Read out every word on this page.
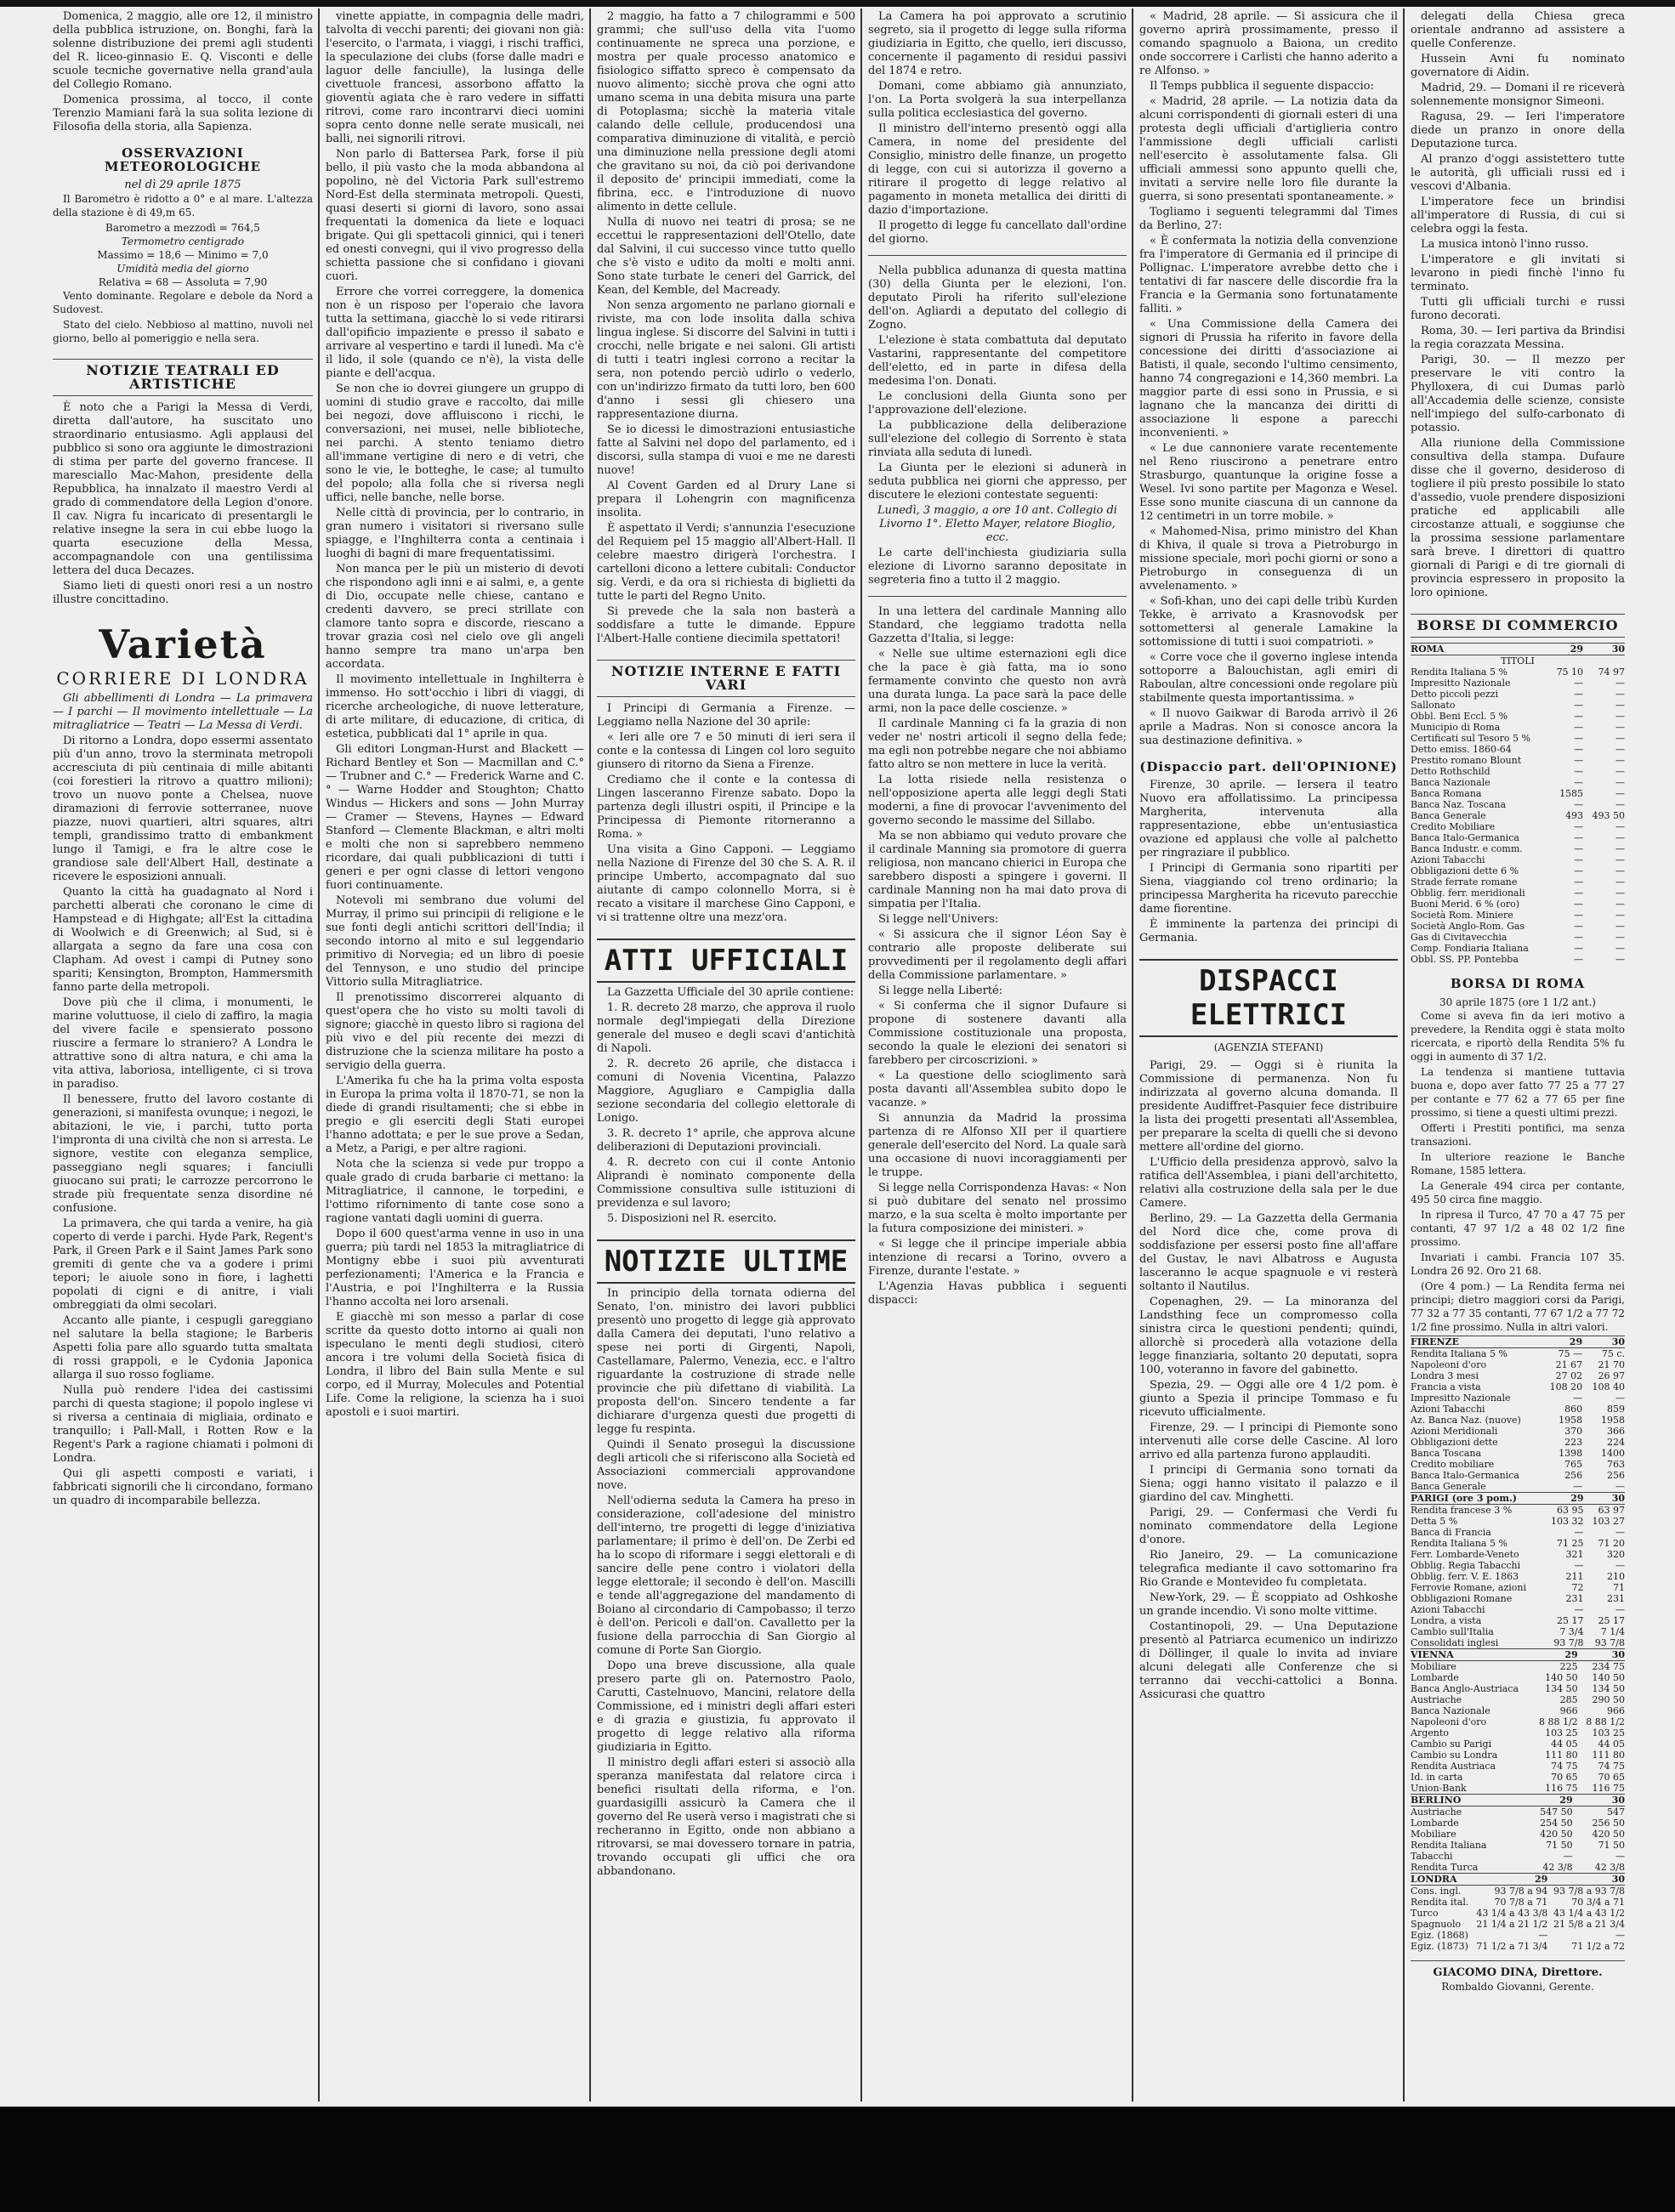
Domenica, 2 maggio, alle ore 12, il ministro della pubblica istruzione, on. Bonghi, farà la solenne distribuzione dei premi agli studenti del R. liceo-ginnasio E. Q. Visconti e delle scuole tecniche governative nella grand'aula del Collegio Romano.

Domenica prossima, al tocco, il conte Terenzio Mamiani farà la sua solita lezione di Filosofia della storia, alla Sapienza.

OSSERVAZIONI METEOROLOGICHE
nel dì 29 aprile 1875

Il Barometro è ridotto a 0° e al mare. L'altezza della stazione è di 49,m 65.

Barometro a mezzodì = 764,5
Termometro centigrado
Massimo = 18,6 — Minimo = 7,0
Umidità media del giorno
Relativa = 68 — Assoluta = 7,90

Vento dominante. Regolare e debole da Nord a Sudovest.

Stato del cielo. Nebbioso al mattino, nuvoli nel giorno, bello al pomeriggio e nella sera.

NOTIZIE TEATRALI ED ARTISTICHE

È noto che a Parigi la Messa di Verdi, diretta dall'autore, ha suscitato uno straordinario entusiasmo. Agli applausi del pubblico si sono ora aggiunte le dimostrazioni di stima per parte del governo francese. Il maresciallo Mac-Mahon, presidente della Repubblica, ha innalzato il maestro Verdi al grado di commendatore della Legion d'onore. Il cav. Nigra fu incaricato di presentargli le relative insegne la sera in cui ebbe luogo la quarta esecuzione della Messa, accompagnandole con una gentilissima lettera del duca Decazes.

Siamo lieti di questi onori resi a un nostro illustre concittadino.

Varietà
CORRIERE DI LONDRA

Gli abbellimenti di Londra — La primavera — I parchi — Il movimento intellettuale — La mitragliatrice — Teatri — La Messa di Verdi.

Di ritorno a Londra, dopo essermi assentato più d'un anno, trovo la sterminata metropoli accresciuta di più centinaia di mille abitanti (coi forestieri la ritrovo a quattro milioni); trovo un nuovo ponte a Chelsea, nuove diramazioni di ferrovie sotterranee, nuove piazze, nuovi quartieri, altri squares, altri templi, grandissimo tratto di embankment lungo il Tamigi, e fra le altre cose le grandiose sale dell'Albert Hall, destinate a ricevere le esposizioni annuali.

Quanto la città ha guadagnato al Nord i parchetti alberati che coronano le cime di Hampstead e di Highgate; all'Est la cittadina di Woolwich e di Greenwich; al Sud, si è allargata a segno da fare una cosa con Clapham. Ad ovest i campi di Putney sono spariti; Kensington, Brompton, Hammersmith fanno parte della metropoli.

Dove più che il clima, i monumenti, le marine voluttuose, il cielo di zaffiro, la magia del vivere facile e spensierato possono riuscire a fermare lo straniero? A Londra le attrattive sono di altra natura, e chi ama la vita attiva, laboriosa, intelligente, ci si trova in paradiso.

Il benessere, frutto del lavoro costante di generazioni, si manifesta ovunque; i negozi, le abitazioni, le vie, i parchi, tutto porta l'impronta di una civiltà che non si arresta. Le signore, vestite con eleganza semplice, passeggiano negli squares; i fanciulli giuocano sui prati; le carrozze percorrono le strade più frequentate senza disordine né confusione.

La primavera, che qui tarda a venire, ha già coperto di verde i parchi. Hyde Park, Regent's Park, il Green Park e il Saint James Park sono gremiti di gente che va a godere i primi tepori; le aiuole sono in fiore, i laghetti popolati di cigni e di anitre, i viali ombreggiati da olmi secolari.

Accanto alle piante, i cespugli gareggiano nel salutare la bella stagione; le Barberis Aspetti folia pare allo sguardo tutta smaltata di rossi grappoli, e le Cydonia Japonica allarga il suo rosso fogliame.

Nulla può rendere l'idea dei castissimi parchi di questa stagione; il popolo inglese vi si riversa a centinaia di migliaia, ordinato e tranquillo; i Pall-Mall, i Rotten Row e la Regent's Park a ragione chiamati i polmoni di Londra.

Qui gli aspetti composti e variati, i fabbricati signorili che li circondano, formano un quadro di incomparabile bellezza.

vinette appiatte, in compagnia delle madri, talvolta di vecchi parenti; dei giovani non già: l'esercito, o l'armata, i viaggi, i rischi traffici, la speculazione dei clubs (forse dalle madri e laguor delle fanciulle), la lusinga delle civettuole francesi, assorbono affatto la gioventù agiata che è raro vedere in siffatti ritrovi, come raro incontrarvi dieci uomini sopra cento donne nelle serate musicali, nei balli, nei signorili ritrovi.

Non parlo di Battersea Park, forse il più bello, il più vasto che la moda abbandona al popolino, nè del Victoria Park sull'estremo Nord-Est della sterminata metropoli. Questi, quasi deserti si giorni di lavoro, sono assai frequentati la domenica da liete e loquaci brigate. Qui gli spettacoli ginnici, qui i teneri ed onesti convegni, qui il vivo progresso della schietta passione che si confidano i giovani cuori.

Errore che vorrei correggere, la domenica non è un risposo per l'operaio che lavora tutta la settimana, giacchè lo si vede ritirarsi dall'opificio impaziente e presso il sabato e arrivare al vespertino e tardi il lunedì. Ma c'è il lido, il sole (quando ce n'è), la vista delle piante e dell'acqua.

Se non che io dovrei giungere un gruppo di uomini di studio grave e raccolto, dai mille bei negozi, dove affluiscono i ricchi, le conversazioni, nei musei, nelle biblioteche, nei parchi. A stento teniamo dietro all'immane vertigine di nero e di vetri, che sono le vie, le botteghe, le case; al tumulto del popolo; alla folla che si riversa negli uffici, nelle banche, nelle borse.

Nelle città di provincia, per lo contrario, in gran numero i visitatori si riversano sulle spiagge, e l'Inghilterra conta a centinaia i luoghi di bagni di mare frequentatissimi.

Non manca per le più un misterio di devoti che rispondono agli inni e ai salmi, e, a gente di Dio, occupate nelle chiese, cantano e credenti davvero, se preci strillate con clamore tanto sopra e discorde, riescano a trovar grazia così nel cielo ove gli angeli hanno sempre tra mano un'arpa ben accordata.

Il movimento intellettuale in Inghilterra è immenso. Ho sott'occhio i libri di viaggi, di ricerche archeologiche, di nuove letterature, di arte militare, di educazione, di critica, di estetica, pubblicati dal 1° aprile in qua.

Gli editori Longman-Hurst and Blackett — Richard Bentley et Son — Macmillan and C.° — Trubner and C.° — Frederick Warne and C.° — Warne Hodder and Stoughton; Chatto Windus — Hickers and sons — John Murray — Cramer — Stevens, Haynes — Edward Stanford — Clemente Blackman, e altri molti e molti che non si saprebbero nemmeno ricordare, dai quali pubblicazioni di tutti i generi e per ogni classe di lettori vengono fuori continuamente.

Notevoli mi sembrano due volumi del Murray, il primo sui principii di religione e le sue fonti degli antichi scrittori dell'India; il secondo intorno al mito e sul leggendario primitivo di Norvegia; ed un libro di poesie del Tennyson, e uno studio del principe Vittorio sulla Mitragliatrice.

Il prenotissimo discorrerei alquanto di quest'opera che ho visto su molti tavoli di signore; giacchè in questo libro si ragiona del più vivo e del più recente dei mezzi di distruzione che la scienza militare ha posto a servigio della guerra.

L'Amerika fu che ha la prima volta esposta in Europa la prima volta il 1870-71, se non la diede di grandi risultamenti; che si ebbe in pregio e gli eserciti degli Stati europei l'hanno adottata; e per le sue prove a Sedan, a Metz, a Parigi, e per altre ragioni.

Nota che la scienza si vede pur troppo a quale grado di cruda barbarie ci mettano: la Mitragliatrice, il cannone, le torpedini, e l'ottimo rifornimento di tante cose sono a ragione vantati dagli uomini di guerra.

Dopo il 600 quest'arma venne in uso in una guerra; più tardi nel 1853 la mitragliatrice di Montigny ebbe i suoi più avventurati perfezionamenti; l'America e la Francia e l'Austria, e poi l'Inghilterra e la Russia l'hanno accolta nei loro arsenali.

E giacchè mi son messo a parlar di cose scritte da questo dotto intorno ai quali non ispeculano le menti degli studiosi, citerò ancora i tre volumi della Società fisica di Londra, il libro del Bain sulla Mente e sul corpo, ed il Murray, Molecules and Potential Life. Come la religione, la scienza ha i suoi apostoli e i suoi martiri.

2 maggio, ha fatto a 7 chilogrammi e 500 grammi; che sull'uso della vita l'uomo continuamente ne spreca una porzione, e mostra per quale processo anatomico e fisiologico siffatto spreco è compensato da nuovo alimento; sicchè prova che ogni atto umano scema in una debita misura una parte di Potoplasma; sicchè la materia vitale calando delle cellule, producendosi una comparativa diminuzione di vitalità, e perciò una diminuzione nella pressione degli atomi che gravitano su noi, da ciò poi derivandone il deposito de' principii immediati, come la fibrina, ecc. e l'introduzione di nuovo alimento in dette cellule.

Nulla di nuovo nei teatri di prosa; se ne eccettui le rappresentazioni dell'Otello, date dal Salvini, il cui successo vince tutto quello che s'è visto e udito da molti e molti anni. Sono state turbate le ceneri del Garrick, del Kean, del Kemble, del Macready.

Non senza argomento ne parlano giornali e riviste, ma con lode insolita dalla schiva lingua inglese. Si discorre del Salvini in tutti i crocchi, nelle brigate e nei saloni. Gli artisti di tutti i teatri inglesi corrono a recitar la sera, non potendo perciò udirlo o vederlo, con un'indirizzo firmato da tutti loro, ben 600 d'anno i sessi gli chiesero una rappresentazione diurna.

Se io dicessi le dimostrazioni entusiastiche fatte al Salvini nel dopo del parlamento, ed i discorsi, sulla stampa di vuoi e me ne daresti nuove!

Al Covent Garden ed al Drury Lane si prepara il Lohengrin con magnificenza insolita.

È aspettato il Verdi; s'annunzia l'esecuzione del Requiem pel 15 maggio all'Albert-Hall. Il celebre maestro dirigerà l'orchestra. I cartelloni dicono a lettere cubitali: Conductor sig. Verdi, e da ora si richiesta di biglietti da tutte le parti del Regno Unito.

Si prevede che la sala non basterà a soddisfare a tutte le dimande. Eppure l'Albert-Halle contiene diecimila spettatori!

NOTIZIE INTERNE E FATTI VARI

I Principi di Germania a Firenze. — Leggiamo nella Nazione del 30 aprile:

« Ieri alle ore 7 e 50 minuti di ieri sera il conte e la contessa di Lingen col loro seguito giunsero di ritorno da Siena a Firenze.

Crediamo che il conte e la contessa di Lingen lasceranno Firenze sabato. Dopo la partenza degli illustri ospiti, il Principe e la Principessa di Piemonte ritorneranno a Roma. »

Una visita a Gino Capponi. — Leggiamo nella Nazione di Firenze del 30 che S. A. R. il principe Umberto, accompagnato dal suo aiutante di campo colonnello Morra, si è recato a visitare il marchese Gino Capponi, e vi si trattenne oltre una mezz'ora.

ATTI UFFICIALI

La Gazzetta Ufficiale del 30 aprile contiene:

1. R. decreto 28 marzo, che approva il ruolo normale degl'impiegati della Direzione generale del museo e degli scavi d'antichità di Napoli.

2. R. decreto 26 aprile, che distacca i comuni di Novenia Vicentina, Palazzo Maggiore, Agugliaro e Campiglia dalla sezione secondaria del collegio elettorale di Lonigo.

3. R. decreto 1° aprile, che approva alcune deliberazioni di Deputazioni provinciali.

4. R. decreto con cui il conte Antonio Aliprandi è nominato componente della Commissione consultiva sulle istituzioni di previdenza e sul lavoro;

5. Disposizioni nel R. esercito.

NOTIZIE ULTIME

In principio della tornata odierna del Senato, l'on. ministro dei lavori pubblici presentò uno progetto di legge già approvato dalla Camera dei deputati, l'uno relativo a spese nei porti di Girgenti, Napoli, Castellamare, Palermo, Venezia, ecc. e l'altro riguardante la costruzione di strade nelle provincie che più difettano di viabilità. La proposta dell'on. Sincero tendente a far dichiarare d'urgenza questi due progetti di legge fu respinta.

Quindi il Senato proseguì la discussione degli articoli che si riferiscono alla Società ed Associazioni commerciali approvandone nove.

Nell'odierna seduta la Camera ha preso in considerazione, coll'adesione del ministro dell'interno, tre progetti di legge d'iniziativa parlamentare; il primo è dell'on. De Zerbi ed ha lo scopo di riformare i seggi elettorali e di sancire delle pene contro i violatori della legge elettorale; il secondo è dell'on. Mascilli e tende all'aggregazione del mandamento di Boiano al circondario di Campobasso; il terzo è dell'on. Pericoli e dall'on. Cavalletto per la fusione della parrocchia di San Giorgio al comune di Porte San Giorgio.

Dopo una breve discussione, alla quale presero parte gli on. Paternostro Paolo, Carutti, Castelnuovo, Mancini, relatore della Commissione, ed i ministri degli affari esteri e di grazia e giustizia, fu approvato il progetto di legge relativo alla riforma giudiziaria in Egitto.

Il ministro degli affari esteri si associò alla speranza manifestata dal relatore circa i benefici risultati della riforma, e l'on. guardasigilli assicurò la Camera che il governo del Re userà verso i magistrati che si recheranno in Egitto, onde non abbiano a ritrovarsi, se mai dovessero tornare in patria, trovando occupati gli uffici che ora abbandonano.

La Camera ha poi approvato a scrutinio segreto, sia il progetto di legge sulla riforma giudiziaria in Egitto, che quello, ieri discusso, concernente il pagamento di residui passivi del 1874 e retro.

Domani, come abbiamo già annunziato, l'on. La Porta svolgerà la sua interpellanza sulla politica ecclesiastica del governo.

Il ministro dell'interno presentò oggi alla Camera, in nome del presidente del Consiglio, ministro delle finanze, un progetto di legge, con cui si autorizza il governo a ritirare il progetto di legge relativo al pagamento in moneta metallica dei diritti di dazio d'importazione.

Il progetto di legge fu cancellato dall'ordine del giorno.

Nella pubblica adunanza di questa mattina (30) della Giunta per le elezioni, l'on. deputato Piroli ha riferito sull'elezione dell'on. Agliardi a deputato del collegio di Zogno.

L'elezione è stata combattuta dal deputato Vastarini, rappresentante del competitore dell'eletto, ed in parte in difesa della medesima l'on. Donati.

Le conclusioni della Giunta sono per l'approvazione dell'elezione.

La pubblicazione della deliberazione sull'elezione del collegio di Sorrento è stata rinviata alla seduta di lunedì.

La Giunta per le elezioni si adunerà in seduta pubblica nei giorni che appresso, per discutere le elezioni contestate seguenti:

Lunedì, 3 maggio, a ore 10 ant. Collegio di Livorno 1°. Eletto Mayer, relatore Bioglio, ecc.

Le carte dell'inchiesta giudiziaria sulla elezione di Livorno saranno depositate in segreteria fino a tutto il 2 maggio.

In una lettera del cardinale Manning allo Standard, che leggiamo tradotta nella Gazzetta d'Italia, si legge:

« Nelle sue ultime esternazioni egli dice che la pace è già fatta, ma io sono fermamente convinto che questo non avrà una durata lunga. La pace sarà la pace delle armi, non la pace delle coscienze. »

Il cardinale Manning ci fa la grazia di non veder ne' nostri articoli il segno della fede; ma egli non potrebbe negare che noi abbiamo fatto altro se non mettere in luce la verità.

La lotta risiede nella resistenza o nell'opposizione aperta alle leggi degli Stati moderni, a fine di provocar l'avvenimento del governo secondo le massime del Sillabo.

Ma se non abbiamo qui veduto provare che il cardinale Manning sia promotore di guerra religiosa, non mancano chierici in Europa che sarebbero disposti a spingere i governi. Il cardinale Manning non ha mai dato prova di simpatia per l'Italia.

Si legge nell'Univers:

« Si assicura che il signor Léon Say è contrario alle proposte deliberate sui provvedimenti per il regolamento degli affari della Commissione parlamentare. »

Si legge nella Liberté:

« Si conferma che il signor Dufaure si propone di sostenere davanti alla Commissione costituzionale una proposta, secondo la quale le elezioni dei senatori si farebbero per circoscrizioni. »

« La questione dello scioglimento sarà posta davanti all'Assemblea subito dopo le vacanze. »

Si annunzia da Madrid la prossima partenza di re Alfonso XII per il quartiere generale dell'esercito del Nord. La quale sarà una occasione di nuovi incoraggiamenti per le truppe.

Si legge nella Corrispondenza Havas: « Non si può dubitare del senato nel prossimo marzo, e la sua scelta è molto importante per la futura composizione dei ministeri. »

« Si legge che il principe imperiale abbia intenzione di recarsi a Torino, ovvero a Firenze, durante l'estate. »

L'Agenzia Havas pubblica i seguenti dispacci:

« Madrid, 28 aprile. — Si assicura che il governo aprirà prossimamente, presso il comando spagnuolo a Baiona, un credito onde soccorrere i Carlisti che hanno aderito a re Alfonso. »

Il Temps pubblica il seguente dispaccio:

« Madrid, 28 aprile. — La notizia data da alcuni corrispondenti di giornali esteri di una protesta degli ufficiali d'artiglieria contro l'ammissione degli ufficiali carlisti nell'esercito è assolutamente falsa. Gli ufficiali ammessi sono appunto quelli che, invitati a servire nelle loro file durante la guerra, si sono presentati spontaneamente. »

Togliamo i seguenti telegrammi dal Times da Berlino, 27:

« È confermata la notizia della convenzione fra l'imperatore di Germania ed il principe di Pollignac. L'imperatore avrebbe detto che i tentativi di far nascere delle discordie fra la Francia e la Germania sono fortunatamente falliti. »

« Una Commissione della Camera dei signori di Prussia ha riferito in favore della concessione dei diritti d'associazione ai Batisti, il quale, secondo l'ultimo censimento, hanno 74 congregazioni e 14,360 membri. La maggior parte di essi sono in Prussia, e si lagnano che la mancanza dei diritti di associazione li espone a parecchi inconvenienti. »

« Le due cannoniere varate recentemente nel Reno riuscirono a penetrare entro Strasburgo, quantunque la origine fosse a Wesel. Ivi sono partite per Magonza e Wesel. Esse sono munite ciascuna di un cannone da 12 centimetri in un torre mobile. »

« Mahomed-Nisa, primo ministro del Khan di Khiva, il quale si trova a Pietroburgo in missione speciale, morì pochi giorni or sono a Pietroburgo in conseguenza di un avvelenamento. »

« Sofi-khan, uno dei capi delle tribù Kurden Tekke, è arrivato a Krasnovodsk per sottomettersi al generale Lamakine la sottomissione di tutti i suoi compatrioti. »

« Corre voce che il governo inglese intenda sottoporre a Balouchistan, agli emiri di Raboulan, altre concessioni onde regolare più stabilmente questa importantissima. »

« Il nuovo Gaikwar di Baroda arrivò il 26 aprile a Madras. Non si conosce ancora la sua destinazione definitiva. »

(Dispaccio part. dell'OPINIONE)

Firenze, 30 aprile. — Iersera il teatro Nuovo era affollatissimo. La principessa Margherita, intervenuta alla rappresentazione, ebbe un'entusiastica ovazione ed applausi che volle al palchetto per ringraziare il pubblico.

I Principi di Germania sono ripartiti per Siena, viaggiando col treno ordinario; la principessa Margherita ha ricevuto parecchie dame fiorentine.

È imminente la partenza dei principi di Germania.

DISPACCI ELETTRICI
(AGENZIA STEFANI)

Parigi, 29. — Oggi si è riunita la Commissione di permanenza. Non fu indirizzata al governo alcuna domanda. Il presidente Audiffret-Pasquier fece distribuire la lista dei progetti presentati all'Assemblea, per preparare la scelta di quelli che si devono mettere all'ordine del giorno.

L'Ufficio della presidenza approvò, salvo la ratifica dell'Assemblea, i piani dell'architetto, relativi alla costruzione della sala per le due Camere.

Berlino, 29. — La Gazzetta della Germania del Nord dice che, come prova di soddisfazione per essersi posto fine all'affare del Gustav, le navi Albatross e Augusta lasceranno le acque spagnuole e vi resterà soltanto il Nautilus.

Copenaghen, 29. — La minoranza del Landsthing fece un compromesso colla sinistra circa le questioni pendenti; quindi, allorchè si procederà alla votazione della legge finanziaria, soltanto 20 deputati, sopra 100, voteranno in favore del gabinetto.

Spezia, 29. — Oggi alle ore 4 1/2 pom. è giunto a Spezia il principe Tommaso e fu ricevuto ufficialmente.

Firenze, 29. — I principi di Piemonte sono intervenuti alle corse delle Cascine. Al loro arrivo ed alla partenza furono applauditi.

I principi di Germania sono tornati da Siena; oggi hanno visitato il palazzo e il giardino del cav. Minghetti.

Parigi, 29. — Confermasi che Verdi fu nominato commendatore della Legione d'onore.

Rio Janeiro, 29. — La comunicazione telegrafica mediante il cavo sottomarino fra Rio Grande e Montevideo fu completata.

New-York, 29. — È scoppiato ad Oshkoshe un grande incendio. Vi sono molte vittime.

Costantinopoli, 29. — Una Deputazione presentò al Patriarca ecumenico un indirizzo di Döllinger, il quale lo invita ad inviare alcuni delegati alle Conferenze che si terranno dai vecchi-cattolici a Bonna. Assicurasi che quattro

delegati della Chiesa greca orientale andranno ad assistere a quelle Conferenze.

Hussein Avni fu nominato governatore di Aidin.

Madrid, 29. — Domani il re riceverà solennemente monsignor Simeoni.

Ragusa, 29. — Ieri l'imperatore diede un pranzo in onore della Deputazione turca.

Al pranzo d'oggi assistettero tutte le autorità, gli ufficiali russi ed i vescovi d'Albania.

L'imperatore fece un brindisi all'imperatore di Russia, di cui si celebra oggi la festa.

La musica intonò l'inno russo.

L'imperatore e gli invitati si levarono in piedi finchè l'inno fu terminato.

Tutti gli ufficiali turchi e russi furono decorati.

Roma, 30. — Ieri partiva da Brindisi la regia corazzata Messina.

Parigi, 30. — Il mezzo per preservare le viti contro la Phylloxera, di cui Dumas parlò all'Accademia delle scienze, consiste nell'impiego del sulfo-carbonato di potassio.

Alla riunione della Commissione consultiva della stampa. Dufaure disse che il governo, desideroso di togliere il più presto possibile lo stato d'assedio, vuole prendere disposizioni pratiche ed applicabili alle circostanze attuali, e soggiunse che la prossima sessione parlamentare sarà breve. I direttori di quattro giornali di Parigi e di tre giornali di provincia espressero in proposito la loro opinione.

BORSE DI COMMERCIO
ROMA	29	30
TITOLI		
Rendita Italiana 5 %	75 10	74 97
Impresitto Nazionale	—	—
Detto piccoli pezzi	—	—
Sallonato	—	—
Obbl. Beni Eccl. 5 %	—	—
Municipio di Roma	—	—
Certificati sul Tesoro 5 %	—	—
Detto emiss. 1860-64	—	—
Prestito romano Blount	—	—
Detto Rothschild	—	—
Banca Nazionale	—	—
Banca Romana	1585	—
Banca Naz. Toscana	—	—
Banca Generale	493	493 50
Credito Mobiliare	—	—
Banca Italo-Germanica	—	—
Banca Industr. e comm.	—	—
Azioni Tabacchi	—	—
Obbligazioni dette 6 %	—	—
Strade ferrate romane	—	—
Obblig. ferr. meridionali	—	—
Buoni Merid. 6 % (oro)	—	—
Società Rom. Miniere	—	—
Società Anglo-Rom. Gas	—	—
Gas di Civitavecchia	—	—
Comp. Fondiaria Italiana	—	—
Obbl. SS. PP. Pontebba	—	—
BORSA DI ROMA
30 aprile 1875 (ore 1 1/2 ant.)

Come si aveva fin da ieri motivo a prevedere, la Rendita oggi è stata molto ricercata, e riportò della Rendita 5% fu oggi in aumento di 37 1/2.

La tendenza si mantiene tuttavia buona e, dopo aver fatto 77 25 a 77 27 per contante e 77 62 a 77 65 per fine prossimo, si tiene a questi ultimi prezzi.

Offerti i Prestiti pontifici, ma senza transazioni.

In ulteriore reazione le Banche Romane, 1585 lettera.

La Generale 494 circa per contante, 495 50 circa fine maggio.

In ripresa il Turco, 47 70 a 47 75 per contanti, 47 97 1/2 a 48 02 1/2 fine prossimo.

Invariati i cambi. Francia 107 35. Londra 26 92. Oro 21 68.

(Ore 4 pom.) — La Rendita ferma nei principi; dietro maggiori corsi da Parigi, 77 32 a 77 35 contanti, 77 67 1/2 a 77 72 1/2 fine prossimo. Nulla in altri valori.

FIRENZE	29	30
Rendita Italiana 5 %	75 —	75 c.
Napoleoni d'oro	21 67	21 70
Londra 3 mesi	27 02	26 97
Francia a vista	108 20	108 40
Impresitto Nazionale	—	—
Azioni Tabacchi	860	859
Az. Banca Naz. (nuove)	1958	1958
Azioni Meridionali	370	366
Obbligazioni dette	223	224
Banca Toscana	1398	1400
Credito mobiliare	765	763
Banca Italo-Germanica	256	256
Banca Generale	—	—
PARIGI (ore 3 pom.)	29	30
Rendita francese 3 %	63 95	63 97
Detta 5 %	103 32	103 27
Banca di Francia	—	—
Rendita Italiana 5 %	71 25	71 20
Ferr. Lombarde-Veneto	321	320
Obblig. Regia Tabacchi	—	—
Obblig. ferr. V. E. 1863	211	210
Ferrovie Romane, azioni	72	71
Obbligazioni Romane	231	231
Azioni Tabacchi	—	—
Londra, a vista	25 17	25 17
Cambio sull'Italia	7 3/4	7 1/4
Consolidati inglesi	93 7/8	93 7/8
VIENNA	29	30
Mobiliare	225	234 75
Lombarde	140 50	140 50
Banca Anglo-Austriaca	134 50	134 50
Austriache	285	290 50
Banca Nazionale	966	966
Napoleoni d'oro	8 88 1/2	8 88 1/2
Argento	103 25	103 25
Cambio su Parigi	44 05	44 05
Cambio su Londra	111 80	111 80
Rendita Austriaca	74 75	74 75
Id. in carta	70 65	70 65
Union-Bank	116 75	116 75
BERLINO	29	30
Austriache	547 50	547
Lombarde	254 50	256 50
Mobiliare	420 50	420 50
Rendita Italiana	71 50	71 50
Tabacchi	—	—
Rendita Turca	42 3/8	42 3/8
LONDRA	29	30
Cons. ingl.	93 7/8 a 94	93 7/8 a 93 7/8
Rendita ital.	70 7/8 a 71	70 3/4 a 71
Turco	43 1/4 a 43 3/8	43 1/4 a 43 1/2
Spagnuolo	21 1/4 a 21 1/2	21 5/8 a 21 3/4
Egiz. (1868)	—	—
Egiz. (1873)	71 1/2 a 71 3/4	71 1/2 a 72
GIACOMO DINA, Direttore.
Rombaldo Giovanni, Gerente.
